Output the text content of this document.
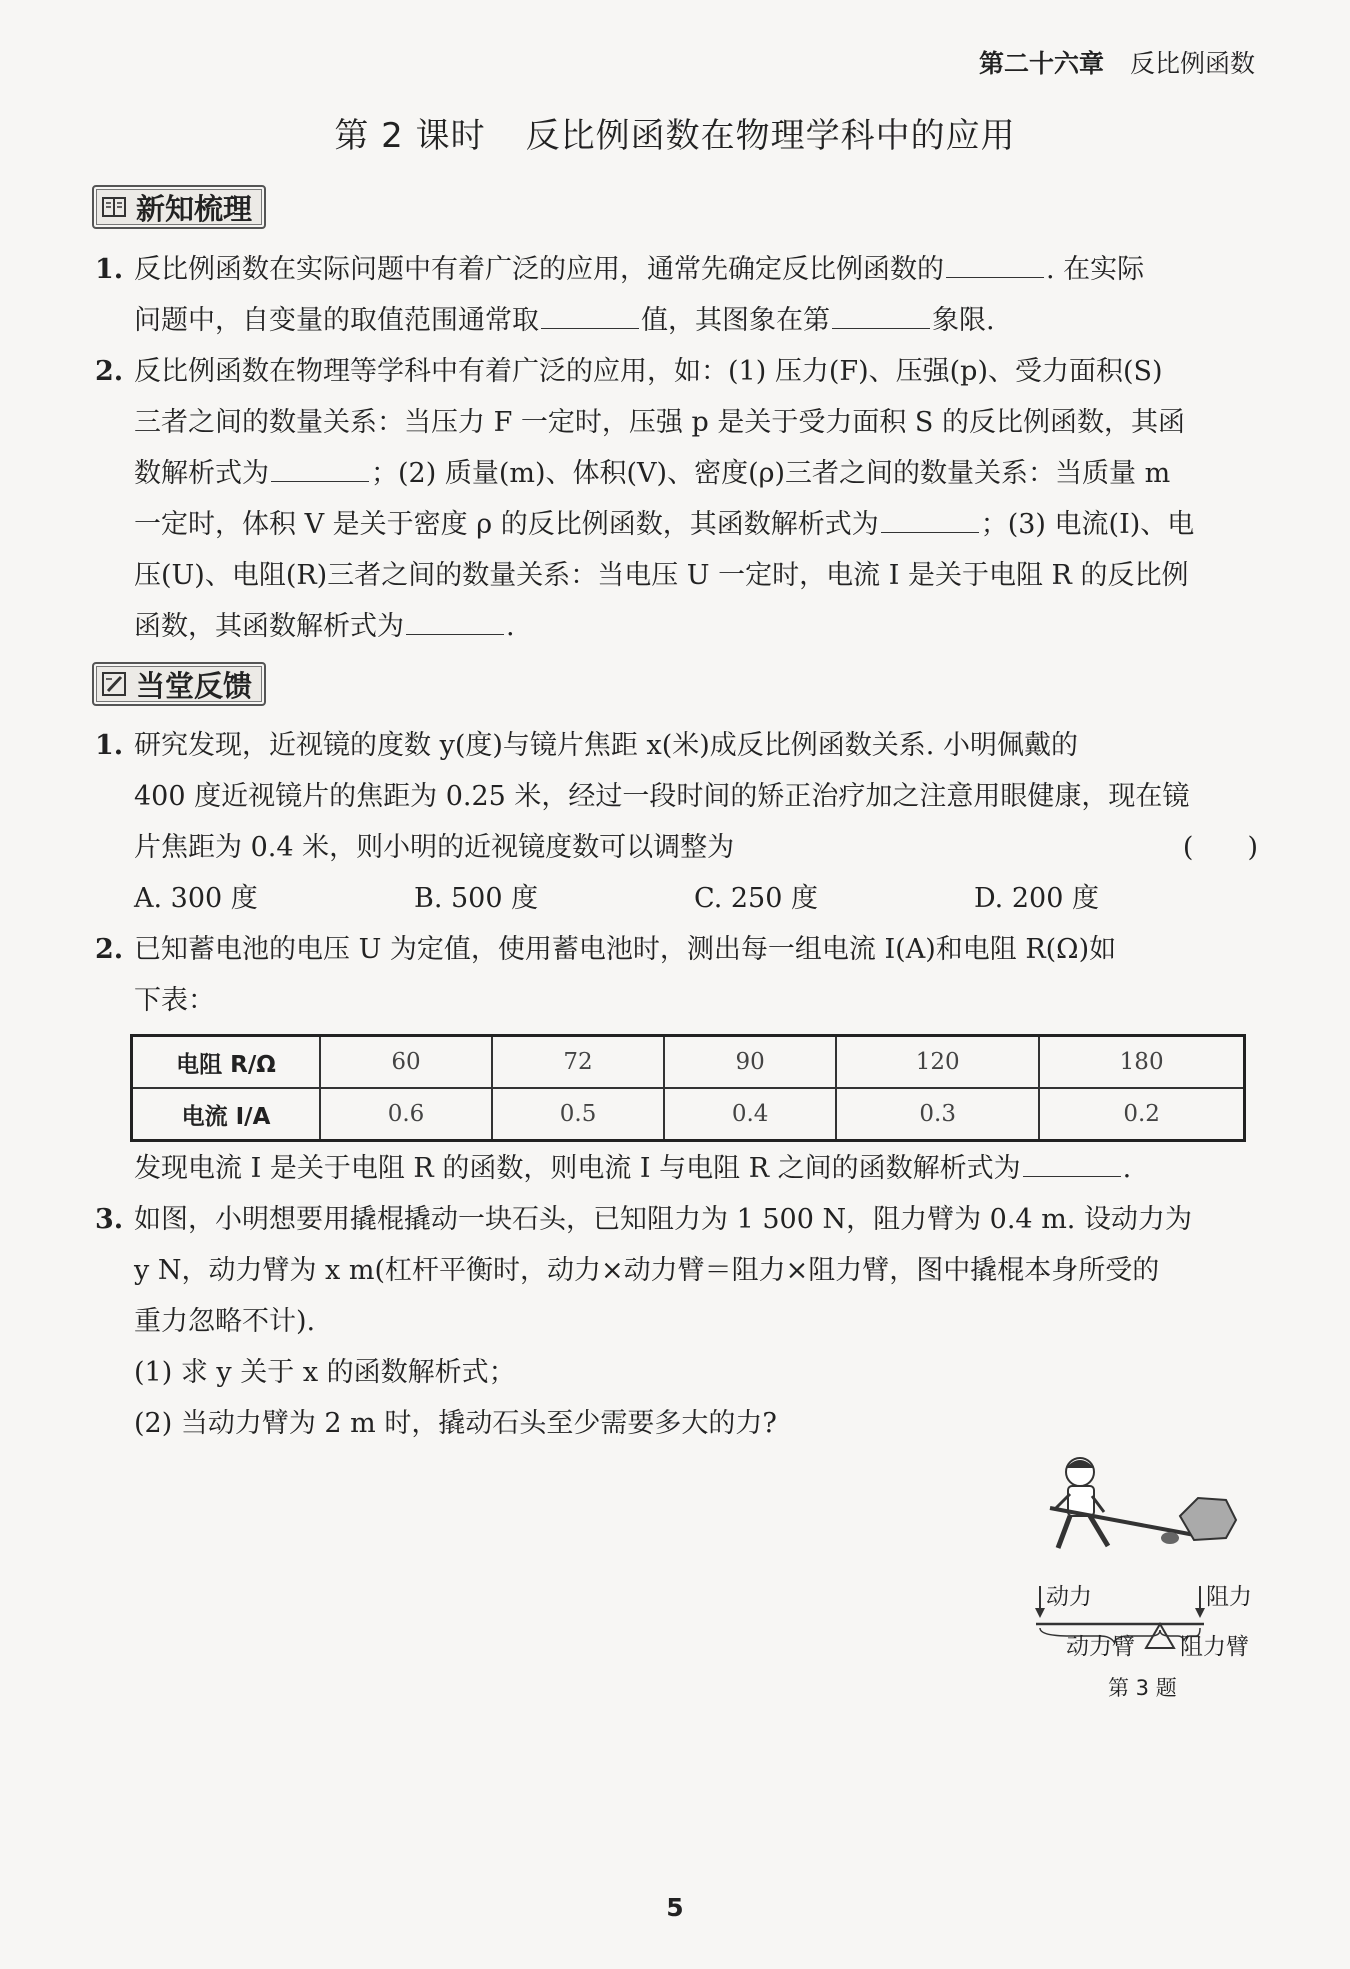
第二十六章 反比例函数
第 2 课时 反比例函数在物理学科中的应用
新知梳理
1. 反比例函数在实际问题中有着广泛的应用，通常先确定反比例函数的	. 在实际
问题中，自变量的取值范围通常取	值，其图象在第	象限.
2. 反比例函数在物理等学科中有着广泛的应用，如：(1) 压力(F)、压强(p)、受力面积(S)
三者之间的数量关系：当压力 F 一定时，压强 p 是关于受力面积 S 的反比例函数，其函
数解析式为	；(2) 质量(m)、体积(V)、密度(ρ)三者之间的数量关系：当质量 m
一定时，体积 V 是关于密度 ρ 的反比例函数，其函数解析式为	；(3) 电流(I)、电
压(U)、电阻(R)三者之间的数量关系：当电压 U 一定时，电流 I 是关于电阻 R 的反比例
函数，其函数解析式为	.
当堂反馈
1. 研究发现，近视镜的度数 y(度)与镜片焦距 x(米)成反比例函数关系. 小明佩戴的
400 度近视镜片的焦距为 0.25 米，经过一段时间的矫正治疗加之注意用眼健康，现在镜

片焦距为 0.4 米，则小明的近视镜度数可以调整为	(　　)
A. 300 度	B. 500 度	C. 250 度	D. 200 度
2. 已知蓄电池的电压 U 为定值，使用蓄电池时，测出每一组电流 I(A)和电阻 R(Ω)如
下表：
电阻 R/Ω	60	72	90	120	180
电流 I/A	0.6	0.5	0.4	0.3	0.2
发现电流 I 是关于电阻 R 的函数，则电流 I 与电阻 R 之间的函数解析式为	.
3. 如图，小明想要用撬棍撬动一块石头，已知阻力为 1 500 N，阻力臂为 0.4 m. 设动力为
y N，动力臂为 x m(杠杆平衡时，动力×动力臂＝阻力×阻力臂，图中撬棍本身所受的
重力忽略不计).
(1) 求 y 关于 x 的函数解析式；
(2) 当动力臂为 2 m 时，撬动石头至少需要多大的力?
动力	阻力
动力臂 阻力臂
第 3 题
5
